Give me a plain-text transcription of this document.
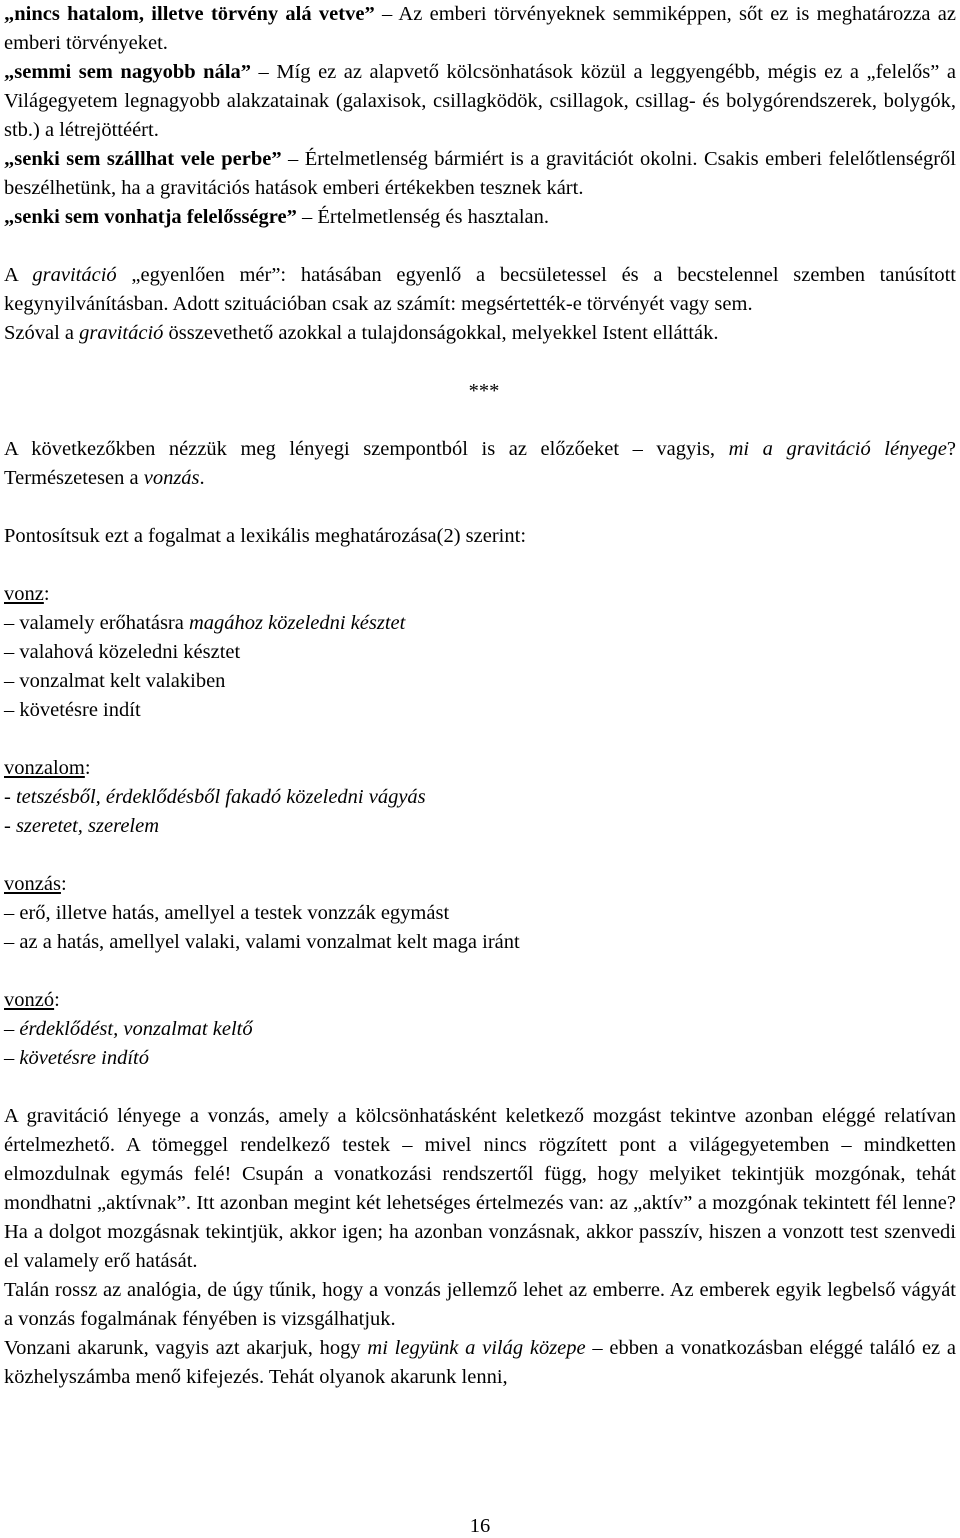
„nincs hatalom, illetve törvény alá vetve” – Az emberi törvényeknek semmiképpen, sőt ez is meghatározza az emberi törvényeket.

„semmi sem nagyobb nála” – Míg ez az alapvető kölcsönhatások közül a leggyengébb, mégis ez a „felelős” a Világegyetem legnagyobb alakzatainak (galaxisok, csillagködök, csillagok, csillag- és bolygórendszerek, bolygók, stb.) a létrejöttéért.

„senki sem szállhat vele perbe” – Értelmetlenség bármiért is a gravitációt okolni. Csakis emberi felelőtlenségről beszélhetünk, ha a gravitációs hatások emberi értékekben tesznek kárt.

„senki sem vonhatja felelősségre” – Értelmetlenség és hasztalan.

A gravitáció „egyenlően mér”: hatásában egyenlő a becsületessel és a becstelennel szemben tanúsított kegynyilvánításban. Adott szituációban csak az számít: megsértették-e törvényét vagy sem.

Szóval a gravitáció összevethető azokkal a tulajdonságokkal, melyekkel Istent ellátták.

***

A következőkben nézzük meg lényegi szempontból is az előzőeket – vagyis, mi a gravitáció lényege? Természetesen a vonzás.

Pontosítsuk ezt a fogalmat a lexikális meghatározása(2) szerint:

vonz:

– valamely erőhatásra magához közeledni késztet

– valahová közeledni késztet

– vonzalmat kelt valakiben

– követésre indít

vonzalom:

- tetszésből, érdeklődésből fakadó közeledni vágyás

- szeretet, szerelem

vonzás:

– erő, illetve hatás, amellyel a testek vonzzák egymást

– az a hatás, amellyel valaki, valami vonzalmat kelt maga iránt

vonzó:

– érdeklődést, vonzalmat keltő

– követésre indító

A gravitáció lényege a vonzás, amely a kölcsönhatásként keletkező mozgást tekintve azonban eléggé relatívan értelmezhető. A tömeggel rendelkező testek – mivel nincs rögzített pont a világegyetemben – mindketten elmozdulnak egymás felé! Csupán a vonatkozási rendszertől függ, hogy melyiket tekintjük mozgónak, tehát mondhatni „aktívnak”. Itt azonban megint két lehetséges értelmezés van: az „aktív” a mozgónak tekintett fél lenne? Ha a dolgot mozgásnak tekintjük, akkor igen; ha azonban vonzásnak, akkor passzív, hiszen a vonzott test szenvedi el valamely erő hatását.

Talán rossz az analógia, de úgy tűnik, hogy a vonzás jellemző lehet az emberre. Az emberek egyik legbelső vágyát a vonzás fogalmának fényében is vizsgálhatjuk.

Vonzani akarunk, vagyis azt akarjuk, hogy mi legyünk a világ közepe – ebben a vonatkozásban eléggé találó ez a közhelyszámba menő kifejezés. Tehát olyanok akarunk lenni,

16
